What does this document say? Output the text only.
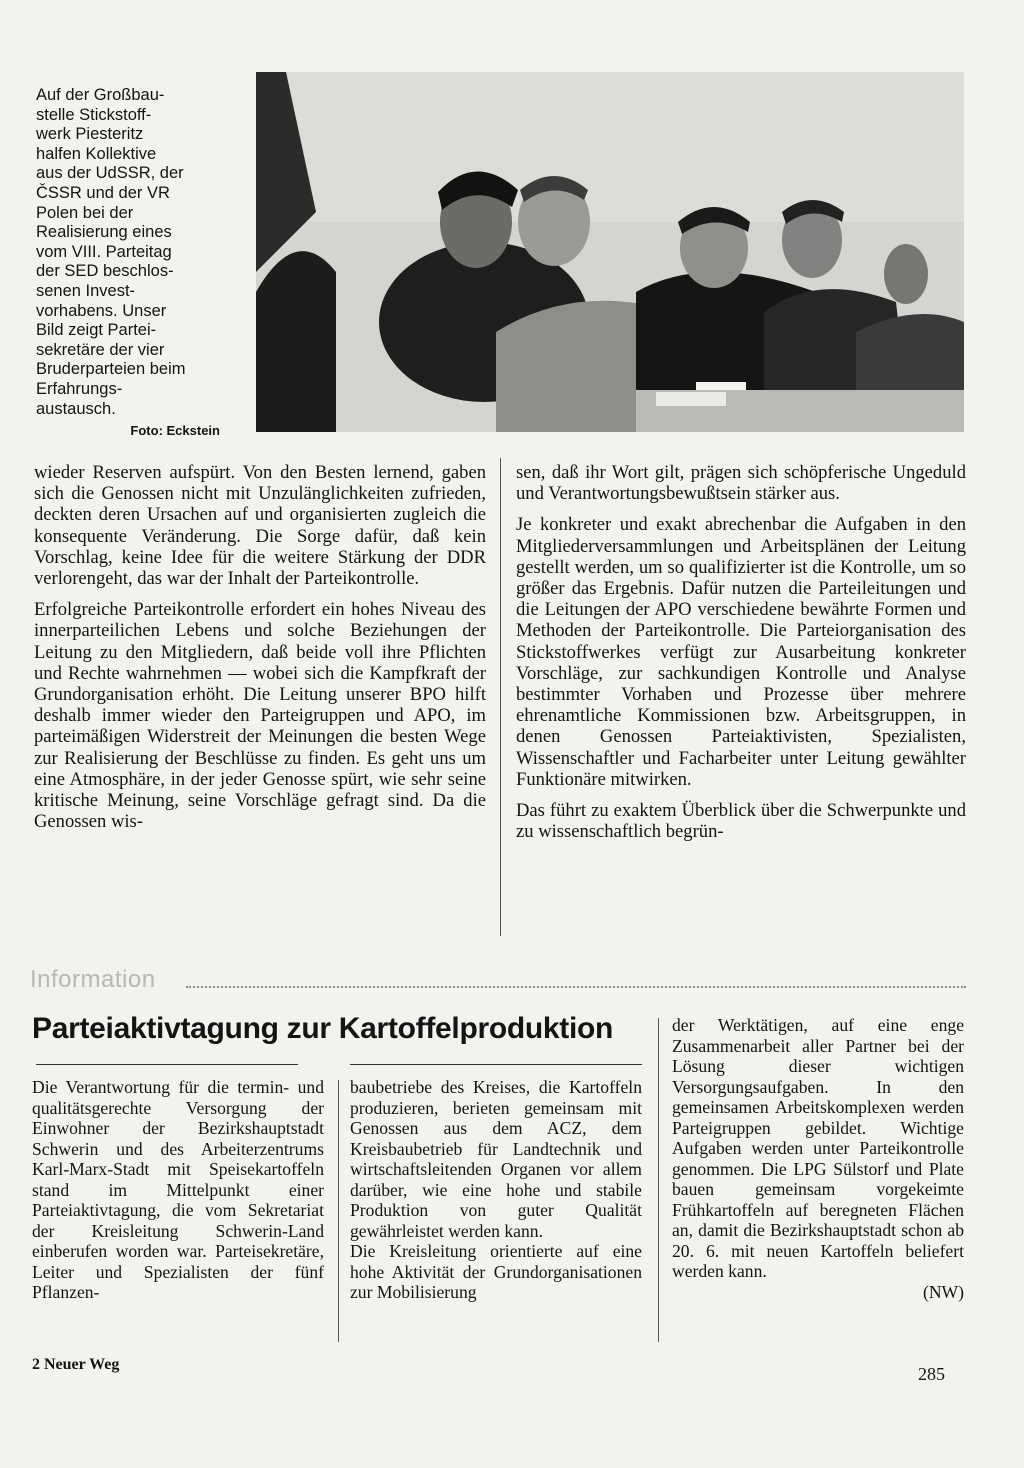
Auf der Großbau-
stelle Stickstoff-
werk Piesteritz
halfen Kollektive
aus der UdSSR, der
ČSSR und der VR
Polen bei der
Realisierung eines
vom VIII. Parteitag
der SED beschlos-
senen Invest-
vorhabens. Unser
Bild zeigt Partei-
sekretäre der vier
Bruderparteien beim
Erfahrungs-
austausch.
Foto: Eckstein

wieder Reserven aufspürt. Von den Besten lernend, gaben sich die Genossen nicht mit Unzulänglichkeiten zufrieden, deckten deren Ursachen auf und organisierten zugleich die konsequente Veränderung. Die Sorge dafür, daß kein Vorschlag, keine Idee für die weitere Stärkung der DDR verlorengeht, das war der Inhalt der Parteikontrolle.

Erfolgreiche Parteikontrolle erfordert ein hohes Niveau des innerparteilichen Lebens und solche Beziehungen der Leitung zu den Mitgliedern, daß beide voll ihre Pflichten und Rechte wahrnehmen — wobei sich die Kampfkraft der Grundorganisation erhöht. Die Leitung unserer BPO hilft deshalb immer wieder den Parteigruppen und APO, im parteimäßigen Widerstreit der Meinungen die besten Wege zur Realisierung der Beschlüsse zu finden. Es geht uns um eine Atmosphäre, in der jeder Genosse spürt, wie sehr seine kritische Meinung, seine Vorschläge gefragt sind. Da die Genossen wis-

sen, daß ihr Wort gilt, prägen sich schöpferische Ungeduld und Verantwortungsbewußtsein stärker aus.

Je konkreter und exakt abrechenbar die Aufgaben in den Mitgliederversammlungen und Arbeitsplänen der Leitung gestellt werden, um so qualifizierter ist die Kontrolle, um so größer das Ergebnis. Dafür nutzen die Parteileitungen und die Leitungen der APO verschiedene bewährte Formen und Methoden der Parteikontrolle. Die Parteiorganisation des Stickstoffwerkes verfügt zur Ausarbeitung konkreter Vorschläge, zur sachkundigen Kontrolle und Analyse bestimmter Vorhaben und Prozesse über mehrere ehrenamtliche Kommissionen bzw. Arbeitsgruppen, in denen Genossen Parteiaktivisten, Spezialisten, Wissenschaftler und Facharbeiter unter Leitung gewählter Funktionäre mitwirken.

Das führt zu exaktem Überblick über die Schwerpunkte und zu wissenschaftlich begrün-

Information
Parteiaktivtagung zur Kartoffelproduktion

Die Verantwortung für die termin- und qualitätsgerechte Versorgung der Einwohner der Bezirkshauptstadt Schwerin und des Arbeiterzentrums Karl-Marx-Stadt mit Speisekartoffeln stand im Mittelpunkt einer Parteiaktivtagung, die vom Sekretariat der Kreisleitung Schwerin-Land einberufen worden war. Parteisekretäre, Leiter und Spezialisten der fünf Pflanzen-

baubetriebe des Kreises, die Kartoffeln produzieren, berieten gemeinsam mit Genossen aus dem ACZ, dem Kreisbaubetrieb für Landtechnik und wirtschaftsleitenden Organen vor allem darüber, wie eine hohe und stabile Produktion von guter Qualität gewährleistet werden kann.

Die Kreisleitung orientierte auf eine hohe Aktivität der Grundorganisationen zur Mobilisierung

der Werktätigen, auf eine enge Zusammenarbeit aller Partner bei der Lösung dieser wichtigen Versorgungsaufgaben. In den gemeinsamen Arbeitskomplexen werden Parteigruppen gebildet. Wichtige Aufgaben werden unter Parteikontrolle genommen. Die LPG Sülstorf und Plate bauen gemeinsam vorgekeimte Frühkartoffeln auf beregneten Flächen an, damit die Bezirkshauptstadt schon ab 20. 6. mit neuen Kartoffeln beliefert werden kann.

(NW)
2 Neuer Weg	285
